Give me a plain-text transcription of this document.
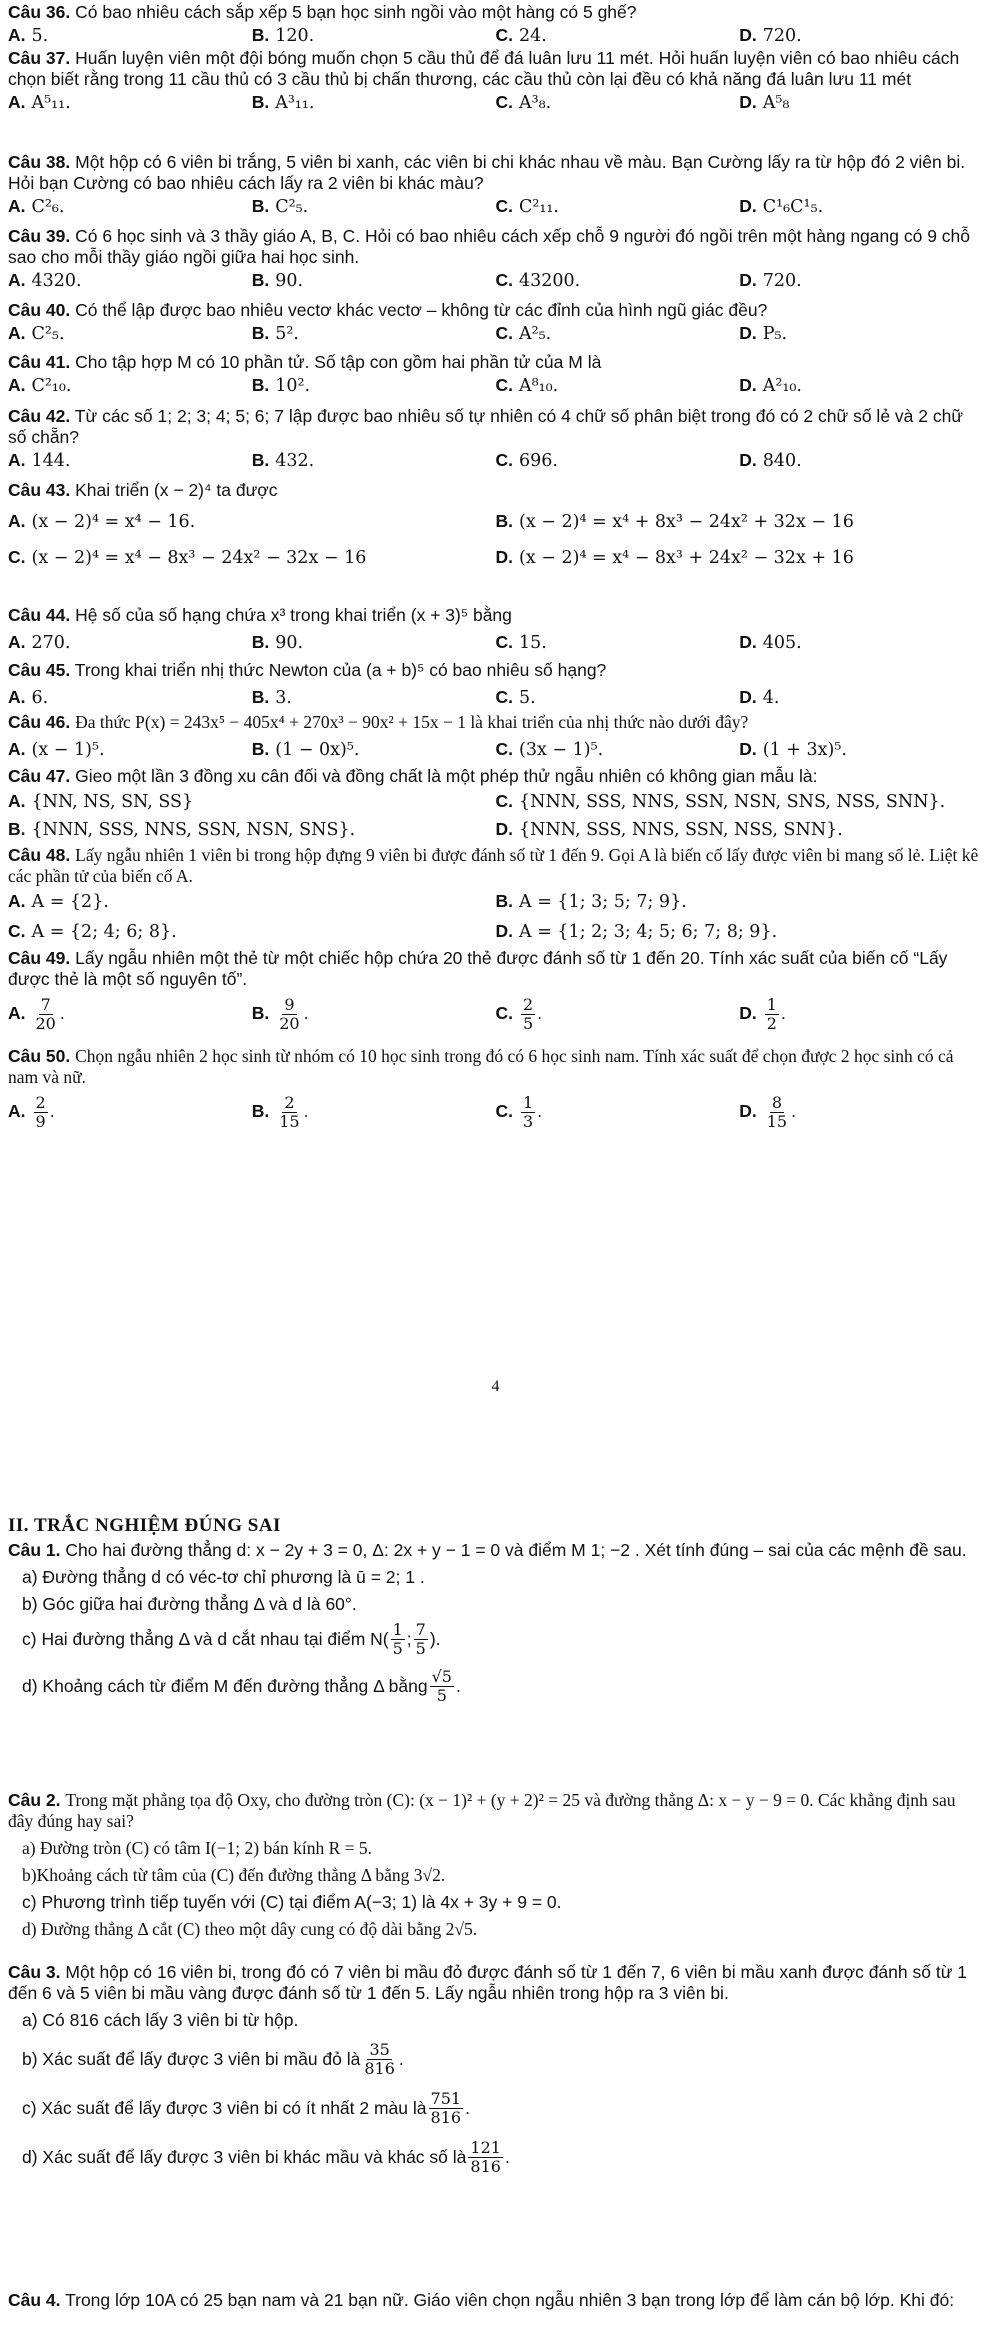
Câu 36. Có bao nhiêu cách sắp xếp 5 bạn học sinh ngồi vào một hàng có 5 ghế?

A. 5.	B. 120.	C. 24.	D. 720.

Câu 37. Huấn luyện viên một đội bóng muốn chọn 5 cầu thủ để đá luân lưu 11 mét. Hỏi huấn luyện viên có bao nhiêu cách chọn biết rằng trong 11 cầu thủ có 3 cầu thủ bị chấn thương, các cầu thủ còn lại đều có khả năng đá luân lưu 11 mét

A. A⁵₁₁.	B. A³₁₁.	C. A³₈.	D. A⁵₈

Câu 38. Một hộp có 6 viên bi trắng, 5 viên bi xanh, các viên bi chi khác nhau về màu. Bạn Cường lấy ra từ hộp đó 2 viên bi. Hỏi bạn Cường có bao nhiêu cách lấy ra 2 viên bi khác màu?

A. C²₆.	B. C²₅.	C. C²₁₁.	D. C¹₆C¹₅.

Câu 39. Có 6 học sinh và 3 thầy giáo A, B, C. Hỏi có bao nhiêu cách xếp chỗ 9 người đó ngồi trên một hàng ngang có 9 chỗ sao cho mỗi thầy giáo ngồi giữa hai học sinh.

A. 4320.	B. 90.	C. 43200.	D. 720.

Câu 40. Có thể lập được bao nhiêu vectơ khác vectơ – không từ các đỉnh của hình ngũ giác đều?

A. C²₅.	B. 5².	C. A²₅.	D. P₅.

Câu 41. Cho tập hợp M có 10 phần tử. Số tập con gồm hai phần tử của M là

A. C²₁₀.	B. 10².	C. A⁸₁₀.	D. A²₁₀.

Câu 42. Từ các số 1; 2; 3; 4; 5; 6; 7 lập được bao nhiêu số tự nhiên có 4 chữ số phân biệt trong đó có 2 chữ số lẻ và 2 chữ số chẵn?

A. 144.	B. 432.	C. 696.	D. 840.

Câu 43. Khai triển (x − 2)⁴ ta được

A. (x − 2)⁴ = x⁴ − 16.	B. (x − 2)⁴ = x⁴ + 8x³ − 24x² + 32x − 16
C. (x − 2)⁴ = x⁴ − 8x³ − 24x² − 32x − 16	D. (x − 2)⁴ = x⁴ − 8x³ + 24x² − 32x + 16

Câu 44. Hệ số của số hạng chứa x³ trong khai triển (x + 3)⁵ bằng

A. 270.	B. 90.	C. 15.	D. 405.

Câu 45. Trong khai triển nhị thức Newton của (a + b)⁵ có bao nhiêu số hạng?

A. 6.	B. 3.	C. 5.	D. 4.

Câu 46. Đa thức P(x) = 243x⁵ − 405x⁴ + 270x³ − 90x² + 15x − 1 là khai triển của nhị thức nào dưới đây?

A. (x − 1)⁵.	B. (1 − 0x)⁵.	C. (3x − 1)⁵.	D. (1 + 3x)⁵.

Câu 47. Gieo một lần 3 đồng xu cân đối và đồng chất là một phép thử ngẫu nhiên có không gian mẫu là:

A. {NN, NS, SN, SS}	C. {NNN, SSS, NNS, SSN, NSN, SNS, NSS, SNN}.
B. {NNN, SSS, NNS, SSN, NSN, SNS}.	D. {NNN, SSS, NNS, SSN, NSS, SNN}.

Câu 48. Lấy ngẫu nhiên 1 viên bi trong hộp đựng 9 viên bi được đánh số từ 1 đến 9. Gọi A là biến cố lấy được viên bi mang số lẻ. Liệt kê các phần tử của biến cố A.

A. A = {2}.	B. A = {1; 3; 5; 7; 9}.
C. A = {2; 4; 6; 8}.	D. A = {1; 2; 3; 4; 5; 6; 7; 8; 9}.

Câu 49. Lấy ngẫu nhiên một thẻ từ một chiếc hộp chứa 20 thẻ được đánh số từ 1 đến 20. Tính xác suất của biến cố “Lấy được thẻ là một số nguyên tố”.

A. $\frac{7}{20}$ .	B. $\frac{9}{20}$ .	C. $\frac{2}{5}$ .	D. $\frac{1}{2}$ .

Câu 50. Chọn ngẫu nhiên 2 học sinh từ nhóm có 10 học sinh trong đó có 6 học sinh nam. Tính xác suất để chọn được 2 học sinh có cả nam và nữ.

A. $\frac{2}{9}$ .	B. $\frac{2}{15}$ .	C. $\frac{1}{3}$ .	D. $\frac{8}{15}$ .
4
II. TRẮC NGHIỆM ĐÚNG SAI

Câu 1. Cho hai đường thẳng d: x − 2y + 3 = 0, Δ: 2x + y − 1 = 0 và điểm M 1; −2 . Xét tính đúng – sai của các mệnh đề sau.

a) Đường thẳng d có véc-tơ chỉ phương là ū = 2; 1 .
b) Góc giữa hai đường thẳng Δ và d là 60°.
c) Hai đường thẳng Δ và d cắt nhau tại điểm $N( \frac{1}{5}$ ; $\frac{7}{5}$ ).
d) Khoảng cách từ điểm M đến đường thẳng Δ bằng $\frac{√5}{5}$ .

Câu 2. Trong mặt phẳng tọa độ Oxy, cho đường tròn (C): (x − 1)² + (y + 2)² = 25 và đường thẳng Δ: x − y − 9 = 0. Các khẳng định sau đây đúng hay sai?

a) Đường tròn (C) có tâm I(−1; 2) bán kính R = 5.
b)Khoảng cách từ tâm của (C) đến đường thẳng Δ bằng 3√2.
c) Phương trình tiếp tuyến với (C) tại điểm A(−3; 1) là 4x + 3y + 9 = 0.
d) Đường thẳng Δ cắt (C) theo một dây cung có độ dài bằng 2√5.

Câu 3. Một hộp có 16 viên bi, trong đó có 7 viên bi mầu đỏ được đánh số từ 1 đến 7, 6 viên bi mầu xanh được đánh số từ 1 đến 6 và 5 viên bi mầu vàng được đánh số từ 1 đến 5. Lấy ngẫu nhiên trong hộp ra 3 viên bi.

a) Có 816 cách lấy 3 viên bi từ hộp.
b) Xác suất để lấy được 3 viên bi mầu đỏ là $\frac{35}{816}$ .
c) Xác suất để lấy được 3 viên bi có ít nhất 2 màu là $\frac{751}{816}$ .
d) Xác suất để lấy được 3 viên bi khác mầu và khác số là $\frac{121}{816}$ .

Câu 4. Trong lớp 10A có 25 bạn nam và 21 bạn nữ. Giáo viên chọn ngẫu nhiên 3 bạn trong lớp để làm cán bộ lớp. Khi đó:
